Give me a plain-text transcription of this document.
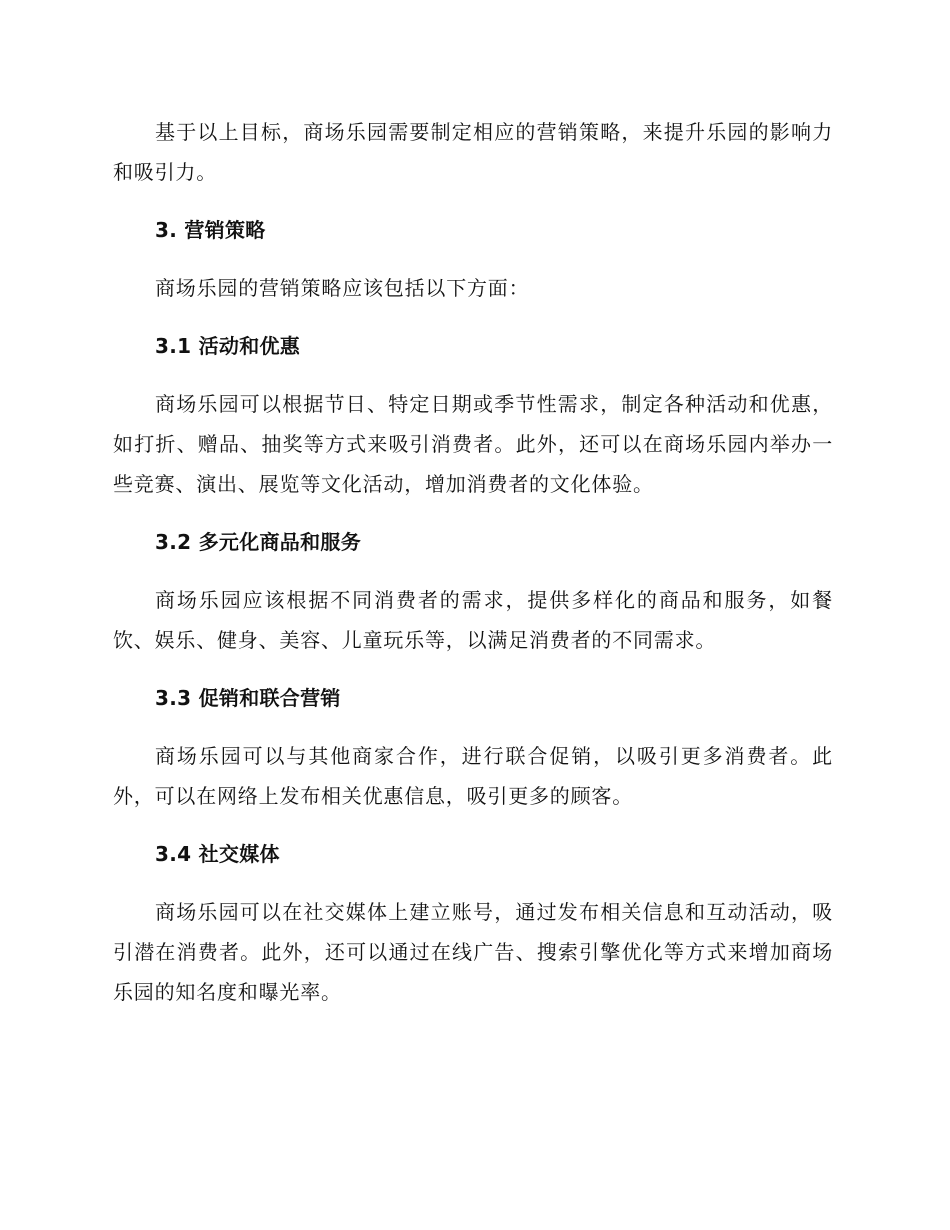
基于以上目标，商场乐园需要制定相应的营销策略，来提升乐园的影响力和吸引力。

3. 营销策略

商场乐园的营销策略应该包括以下方面：

3.1 活动和优惠

商场乐园可以根据节日、特定日期或季节性需求，制定各种活动和优惠，如打折、赠品、抽奖等方式来吸引消费者。此外，还可以在商场乐园内举办一些竞赛、演出、展览等文化活动，增加消费者的文化体验。

3.2 多元化商品和服务

商场乐园应该根据不同消费者的需求，提供多样化的商品和服务，如餐饮、娱乐、健身、美容、儿童玩乐等，以满足消费者的不同需求。

3.3 促销和联合营销

商场乐园可以与其他商家合作，进行联合促销，以吸引更多消费者。此外，可以在网络上发布相关优惠信息，吸引更多的顾客。

3.4 社交媒体

商场乐园可以在社交媒体上建立账号，通过发布相关信息和互动活动，吸引潜在消费者。此外，还可以通过在线广告、搜索引擎优化等方式来增加商场乐园的知名度和曝光率。
